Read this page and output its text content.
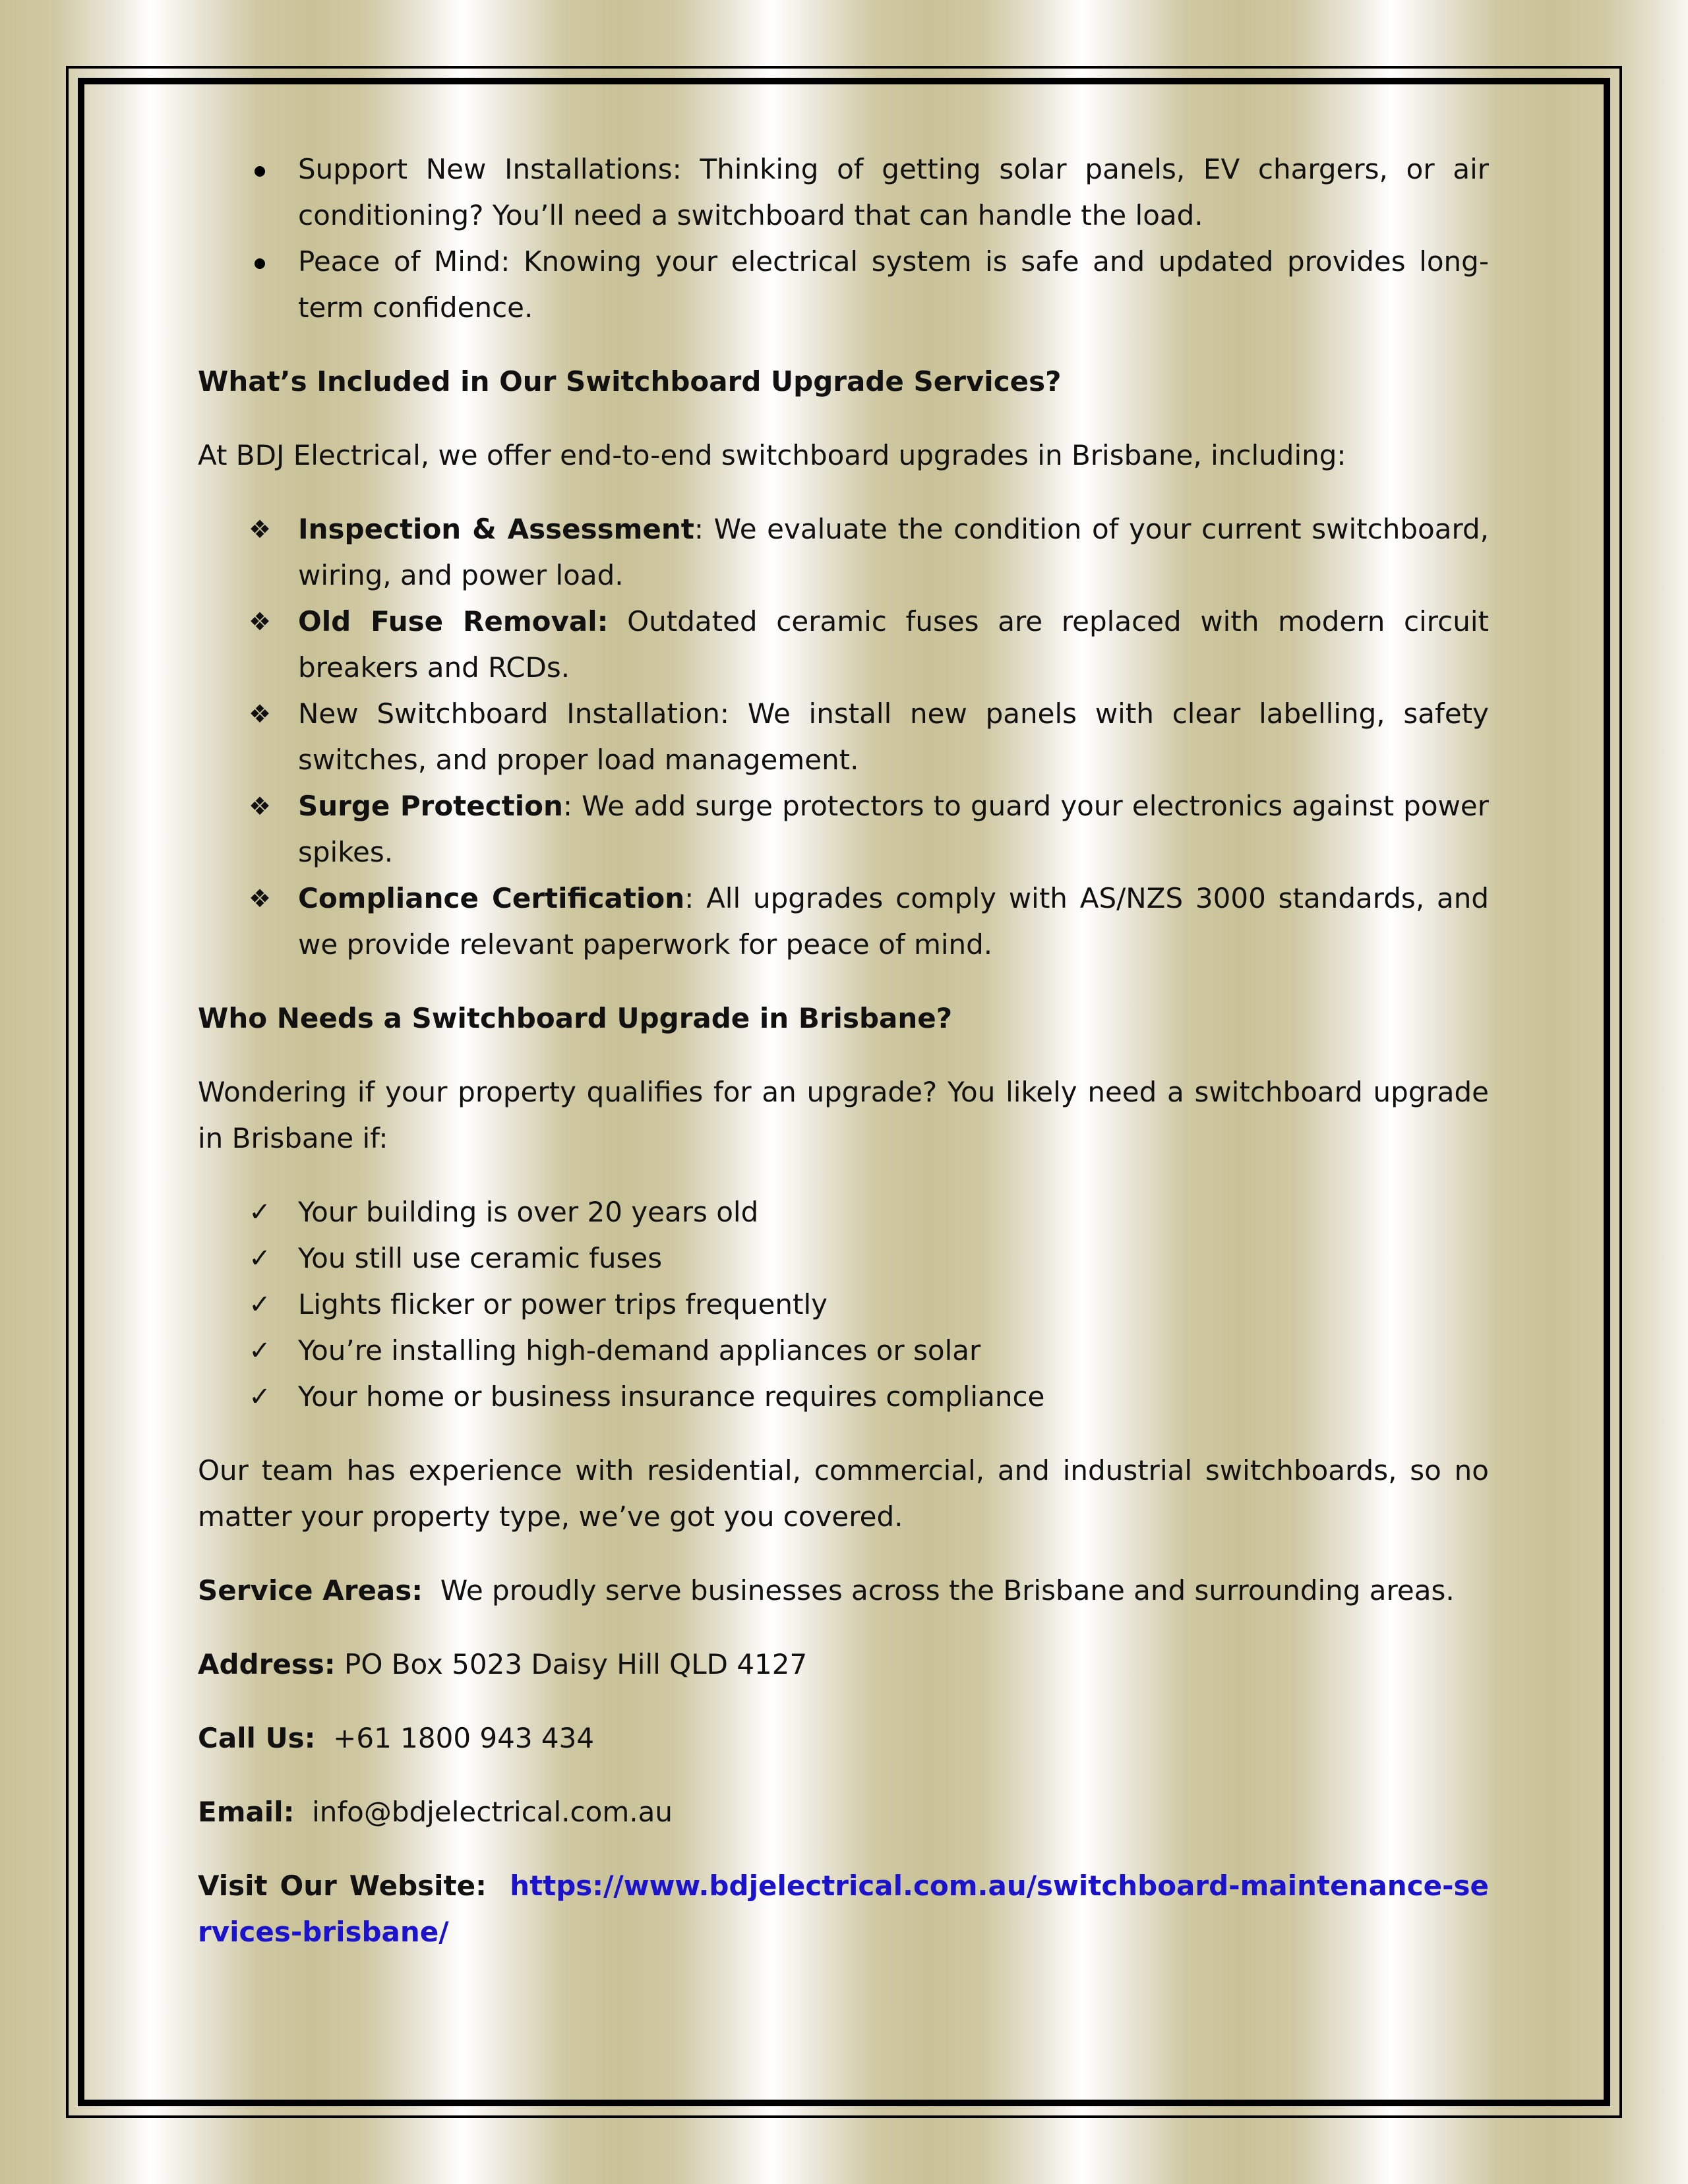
Support New Installations: Thinking of getting solar panels, EV chargers, or air conditioning? You’ll need a switchboard that can handle the load.
Peace of Mind: Knowing your electrical system is safe and updated provides long-term confidence.
What’s Included in Our Switchboard Upgrade Services?

At BDJ Electrical, we offer end-to-end switchboard upgrades in Brisbane, including:

❖ Inspection & Assessment: We evaluate the condition of your current switchboard, wiring, and power load.
❖ Old Fuse Removal: Outdated ceramic fuses are replaced with modern circuit breakers and RCDs.
❖ New Switchboard Installation: We install new panels with clear labelling, safety switches, and proper load management.
❖ Surge Protection: We add surge protectors to guard your electronics against power spikes.
❖ Compliance Certification: All upgrades comply with AS/NZS 3000 standards, and we provide relevant paperwork for peace of mind.
Who Needs a Switchboard Upgrade in Brisbane?

Wondering if your property qualifies for an upgrade? You likely need a switchboard upgrade in Brisbane if:

✓ Your building is over 20 years old
✓ You still use ceramic fuses
✓ Lights flicker or power trips frequently
✓ You’re installing high-demand appliances or solar
✓ Your home or business insurance requires compliance

Our team has experience with residential, commercial, and industrial switchboards, so no matter your property type, we’ve got you covered.

Service Areas:  We proudly serve businesses across the Brisbane and surrounding areas.

Address: PO Box 5023 Daisy Hill QLD 4127

Call Us:  +61 1800 943 434

Email:  info@bdjelectrical.com.au

Visit Our Website: https://www.bdjelectrical.com.au/switchboard-maintenance-services-brisbane/
